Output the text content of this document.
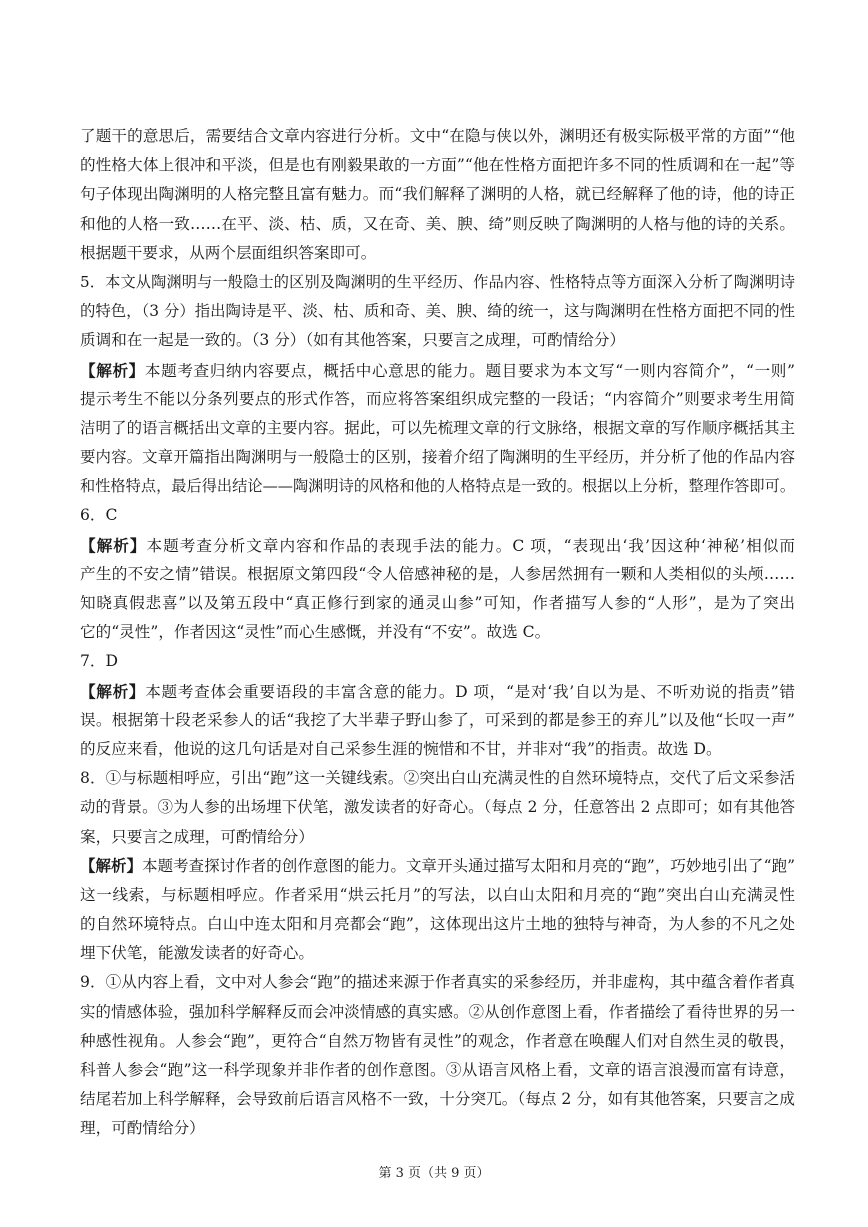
了题干的意思后，需要结合文章内容进行分析。文中“在隐与侠以外，渊明还有极实际极平常的方面”“他
的性格大体上很冲和平淡，但是也有刚毅果敢的一方面”“他在性格方面把许多不同的性质调和在一起”等
句子体现出陶渊明的人格完整且富有魅力。而“我们解释了渊明的人格，就已经解释了他的诗，他的诗正
和他的人格一致……在平、淡、枯、质，又在奇、美、腴、绮”则反映了陶渊明的人格与他的诗的关系。
根据题干要求，从两个层面组织答案即可。
5．本文从陶渊明与一般隐士的区别及陶渊明的生平经历、作品内容、性格特点等方面深入分析了陶渊明诗
的特色，（3 分）指出陶诗是平、淡、枯、质和奇、美、腴、绮的统一，这与陶渊明在性格方面把不同的性
质调和在一起是一致的。（3 分）（如有其他答案，只要言之成理，可酌情给分）
【解析】本题考查归纳内容要点，概括中心意思的能力。题目要求为本文写“一则内容简介”，“一则”
提示考生不能以分条列要点的形式作答，而应将答案组织成完整的一段话；“内容简介”则要求考生用简
洁明了的语言概括出文章的主要内容。据此，可以先梳理文章的行文脉络，根据文章的写作顺序概括其主
要内容。文章开篇指出陶渊明与一般隐士的区别，接着介绍了陶渊明的生平经历，并分析了他的作品内容
和性格特点，最后得出结论——陶渊明诗的风格和他的人格特点是一致的。根据以上分析，整理作答即可。
6．C
【解析】本题考查分析文章内容和作品的表现手法的能力。C 项，“表现出‘我’因这种‘神秘’相似而
产生的不安之情”错误。根据原文第四段“令人倍感神秘的是，人参居然拥有一颗和人类相似的头颅……
知晓真假悲喜”以及第五段中“真正修行到家的通灵山参”可知，作者描写人参的“人形”，是为了突出
它的“灵性”，作者因这“灵性”而心生感慨，并没有“不安”。故选 C。
7．D
【解析】本题考查体会重要语段的丰富含意的能力。D 项，“是对‘我’自以为是、不听劝说的指责”错
误。根据第十段老采参人的话“我挖了大半辈子野山参了，可采到的都是参王的弃儿”以及他“长叹一声”
的反应来看，他说的这几句话是对自己采参生涯的惋惜和不甘，并非对“我”的指责。故选 D。
8．①与标题相呼应，引出“跑”这一关键线索。②突出白山充满灵性的自然环境特点，交代了后文采参活
动的背景。③为人参的出场埋下伏笔，激发读者的好奇心。（每点 2 分，任意答出 2 点即可；如有其他答
案，只要言之成理，可酌情给分）
【解析】本题考查探讨作者的创作意图的能力。文章开头通过描写太阳和月亮的“跑”，巧妙地引出了“跑”
这一线索，与标题相呼应。作者采用“烘云托月”的写法，以白山太阳和月亮的“跑”突出白山充满灵性
的自然环境特点。白山中连太阳和月亮都会“跑”，这体现出这片土地的独特与神奇，为人参的不凡之处
埋下伏笔，能激发读者的好奇心。
9．①从内容上看，文中对人参会“跑”的描述来源于作者真实的采参经历，并非虚构，其中蕴含着作者真
实的情感体验，强加科学解释反而会冲淡情感的真实感。②从创作意图上看，作者描绘了看待世界的另一
种感性视角。人参会“跑”，更符合“自然万物皆有灵性”的观念，作者意在唤醒人们对自然生灵的敬畏，
科普人参会“跑”这一科学现象并非作者的创作意图。③从语言风格上看，文章的语言浪漫而富有诗意，
结尾若加上科学解释，会导致前后语言风格不一致，十分突兀。（每点 2 分，如有其他答案，只要言之成
理，可酌情给分）
第 3 页（共 9 页）
